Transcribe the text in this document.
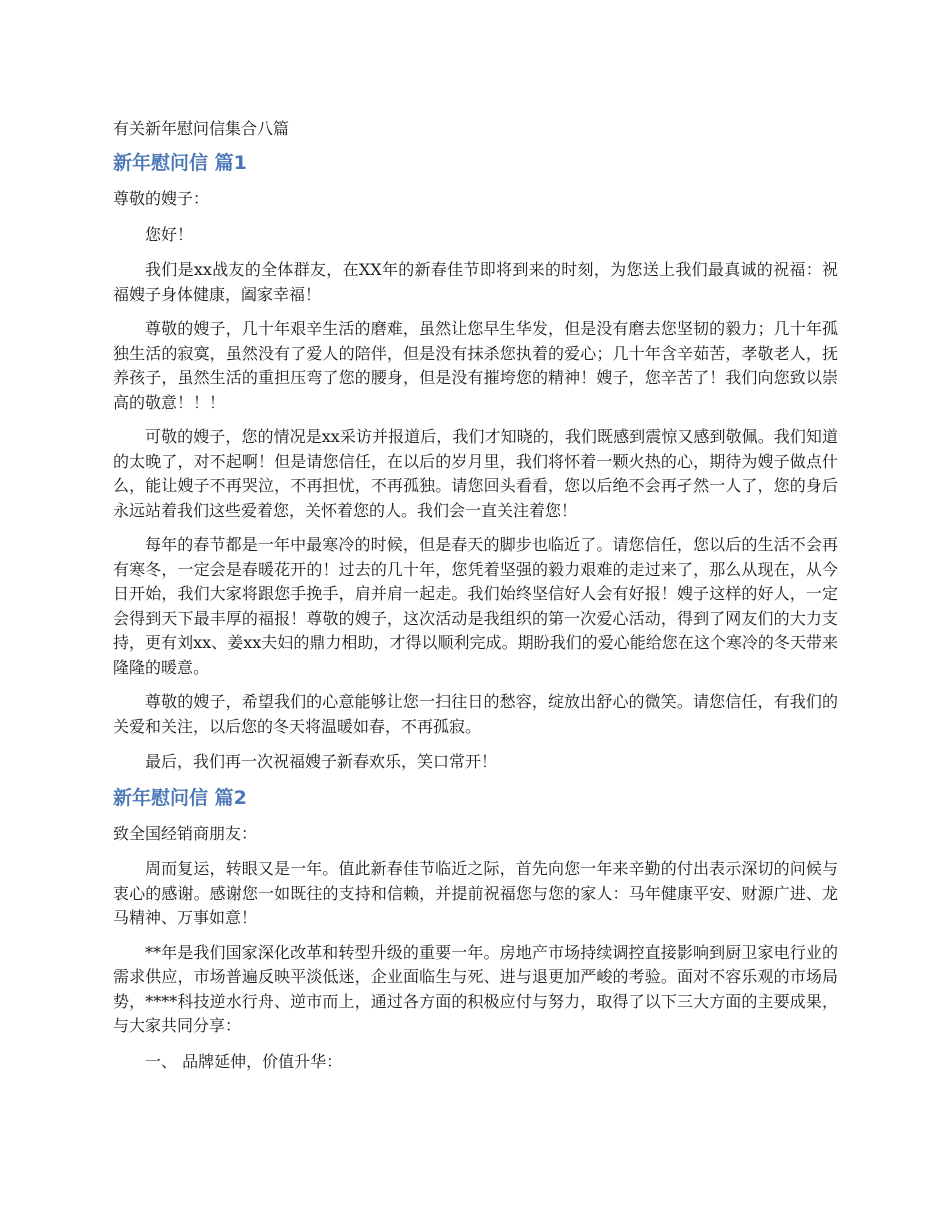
有关新年慰问信集合八篇

新年慰问信 篇1

尊敬的嫂子：

您好！

我们是xx战友的全体群友，在XX年的新春佳节即将到来的时刻，为您送上我们最真诚的祝福：祝福嫂子身体健康，阖家幸福！

尊敬的嫂子，几十年艰辛生活的磨难，虽然让您早生华发，但是没有磨去您坚韧的毅力；几十年孤独生活的寂寞，虽然没有了爱人的陪伴，但是没有抹杀您执着的爱心；几十年含辛茹苦，孝敬老人，抚养孩子，虽然生活的重担压弯了您的腰身，但是没有摧垮您的精神！嫂子，您辛苦了！我们向您致以崇高的敬意！！！

可敬的嫂子，您的情况是xx采访并报道后，我们才知晓的，我们既感到震惊又感到敬佩。我们知道的太晚了，对不起啊！但是请您信任，在以后的岁月里，我们将怀着一颗火热的心，期待为嫂子做点什么，能让嫂子不再哭泣，不再担忧，不再孤独。请您回头看看，您以后绝不会再孑然一人了，您的身后永远站着我们这些爱着您，关怀着您的人。我们会一直关注着您！

每年的春节都是一年中最寒冷的时候，但是春天的脚步也临近了。请您信任，您以后的生活不会再有寒冬，一定会是春暖花开的！过去的几十年，您凭着坚强的毅力艰难的走过来了，那么从现在，从今日开始，我们大家将跟您手挽手，肩并肩一起走。我们始终坚信好人会有好报！嫂子这样的好人，一定会得到天下最丰厚的福报！尊敬的嫂子，这次活动是我组织的第一次爱心活动，得到了网友们的大力支持，更有刘xx、姜xx夫妇的鼎力相助，才得以顺利完成。期盼我们的爱心能给您在这个寒冷的冬天带来隆隆的暖意。

尊敬的嫂子，希望我们的心意能够让您一扫往日的愁容，绽放出舒心的微笑。请您信任，有我们的关爱和关注，以后您的冬天将温暖如春，不再孤寂。

最后，我们再一次祝福嫂子新春欢乐，笑口常开！

新年慰问信 篇2

致全国经销商朋友：

周而复运，转眼又是一年。值此新春佳节临近之际，首先向您一年来辛勤的付出表示深切的问候与衷心的感谢。感谢您一如既往的支持和信赖，并提前祝福您与您的家人：马年健康平安、财源广进、龙马精神、万事如意！

**年是我们国家深化改革和转型升级的重要一年。房地产市场持续调控直接影响到厨卫家电行业的需求供应，市场普遍反映平淡低迷，企业面临生与死、进与退更加严峻的考验。面对不容乐观的市场局势，****科技逆水行舟、逆市而上，通过各方面的积极应付与努力，取得了以下三大方面的主要成果，与大家共同分享：

一、 品牌延伸，价值升华：
